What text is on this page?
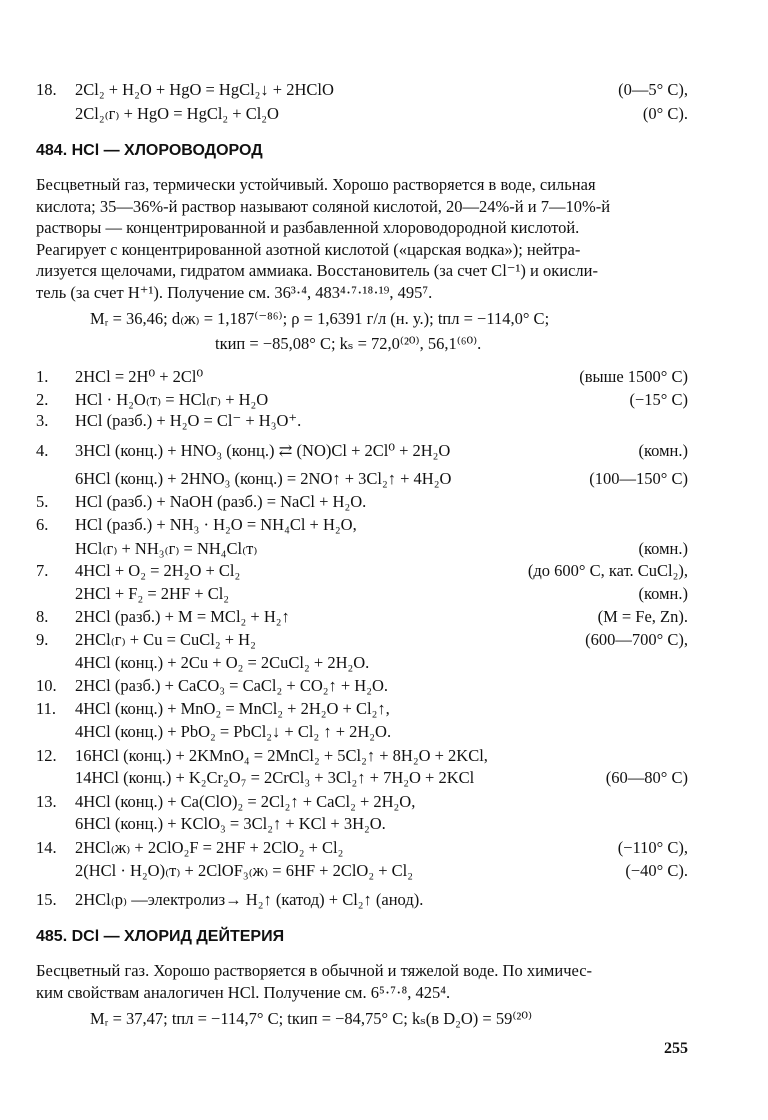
18. 2Cl₂ + H₂O + HgO = HgCl₂↓ + 2HClO	(0—5° C),
2Cl₂₍г₎ + HgO = HgCl₂ + Cl₂O	(0° C).
484. HCl — ХЛОРОВОДОРОД
Бесцветный газ, термически устойчивый. Хорошо растворяется в воде, сильная
кислота; 35—36%-й раствор называют соляной кислотой, 20—24%-й и 7—10%-й
растворы — концентрированной и разбавленной хлороводородной кислотой.
Реагирует с концентрированной азотной кислотой («царская водка»); нейтра-
лизуется щелочами, гидратом аммиака. Восстановитель (за счет Cl⁻¹) и окисли-
тель (за счет H⁺¹). Получение см. 36³·⁴, 483⁴·⁷·¹⁸·¹⁹, 495⁷.
Mᵣ = 36,46; d₍ж₎ = 1,187⁽⁻⁸⁶⁾; ρ = 1,6391 г/л (н. у.); tпл = −114,0° C;
tкип = −85,08° C; kₛ = 72,0⁽²⁰⁾, 56,1⁽⁶⁰⁾.
1. 2HCl = 2H⁰ + 2Cl⁰	(выше 1500° C)
2. HCl · H₂O₍т₎ = HCl₍г₎ + H₂O	(−15° C)
3. HCl (разб.) + H₂O = Cl⁻ + H₃O⁺.
4. 3HCl (конц.) + HNO₃ (конц.) ⇄ (NO)Cl + 2Cl⁰ + 2H₂O	(комн.)
6HCl (конц.) + 2HNO₃ (конц.) = 2NO↑ + 3Cl₂↑ + 4H₂O	(100—150° C)
5. HCl (разб.) + NaOH (разб.) = NaCl + H₂O.
6. HCl (разб.) + NH₃ · H₂O = NH₄Cl + H₂O,
HCl₍г₎ + NH₃₍г₎ = NH₄Cl₍т₎	(комн.)
7. 4HCl + O₂ = 2H₂O + Cl₂	(до 600° C, кат. CuCl₂),
2HCl + F₂ = 2HF + Cl₂	(комн.)
8. 2HCl (разб.) + M = MCl₂ + H₂↑	(M = Fe, Zn).
9. 2HCl₍г₎ + Cu = CuCl₂ + H₂	(600—700° C),
4HCl (конц.) + 2Cu + O₂ = 2CuCl₂ + 2H₂O.
10. 2HCl (разб.) + CaCO₃ = CaCl₂ + CO₂↑ + H₂O.
11. 4HCl (конц.) + MnO₂ = MnCl₂ + 2H₂O + Cl₂↑,
4HCl (конц.) + PbO₂ = PbCl₂↓ + Cl₂ ↑ + 2H₂O.
12. 16HCl (конц.) + 2KMnO₄ = 2MnCl₂ + 5Cl₂↑ + 8H₂O + 2KCl,
14HCl (конц.) + K₂Cr₂O₇ = 2CrCl₃ + 3Cl₂↑ + 7H₂O + 2KCl	(60—80° C)
13. 4HCl (конц.) + Ca(ClO)₂ = 2Cl₂↑ + CaCl₂ + 2H₂O,
6HCl (конц.) + KClO₃ = 3Cl₂↑ + KCl + 3H₂O.
14. 2HCl₍ж₎ + 2ClO₂F = 2HF + 2ClO₂ + Cl₂	(−110° C),
2(HCl · H₂O)₍т₎ + 2ClOF₃₍ж₎ = 6HF + 2ClO₂ + Cl₂	(−40° C).
15. 2HCl₍р₎ —электролиз→ H₂↑ (катод) + Cl₂↑ (анод).
485. DCl — ХЛОРИД ДЕЙТЕРИЯ
Бесцветный газ. Хорошо растворяется в обычной и тяжелой воде. По химичес-
ким свойствам аналогичен HCl. Получение см. 6⁵·⁷·⁸, 425⁴.
Mᵣ = 37,47; tпл = −114,7° C; tкип = −84,75° C; kₛ(в D₂O) = 59⁽²⁰⁾
255
